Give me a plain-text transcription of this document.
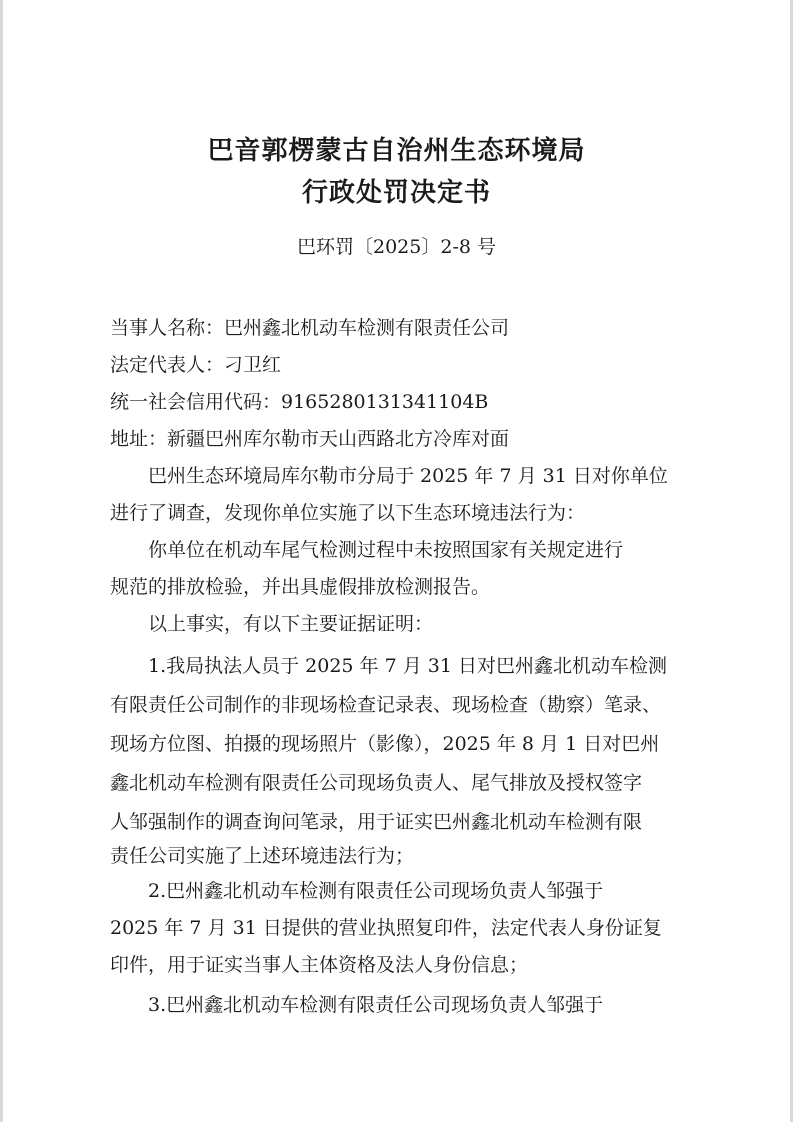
巴音郭楞蒙古自治州生态环境局
行政处罚决定书
巴环罚〔2025〕2-8 号
当事人名称：巴州鑫北机动车检测有限责任公司
法定代表人：刁卫红
统一社会信用代码：9165280131341104B
地址：新疆巴州库尔勒市天山西路北方冷库对面
　　巴州生态环境局库尔勒市分局于 2025 年 7 月 31 日对你单位
进行了调查，发现你单位实施了以下生态环境违法行为：
　　你单位在机动车尾气检测过程中未按照国家有关规定进行
规范的排放检验，并出具虚假排放检测报告。
　　以上事实，有以下主要证据证明：
　　1.我局执法人员于 2025 年 7 月 31 日对巴州鑫北机动车检测
有限责任公司制作的非现场检查记录表、现场检查（勘察）笔录、
现场方位图、拍摄的现场照片（影像），2025 年 8 月 1 日对巴州
鑫北机动车检测有限责任公司现场负责人、尾气排放及授权签字
人邹强制作的调查询问笔录，用于证实巴州鑫北机动车检测有限
责任公司实施了上述环境违法行为；
　　2.巴州鑫北机动车检测有限责任公司现场负责人邹强于
2025 年 7 月 31 日提供的营业执照复印件，法定代表人身份证复
印件，用于证实当事人主体资格及法人身份信息；
　　3.巴州鑫北机动车检测有限责任公司现场负责人邹强于
